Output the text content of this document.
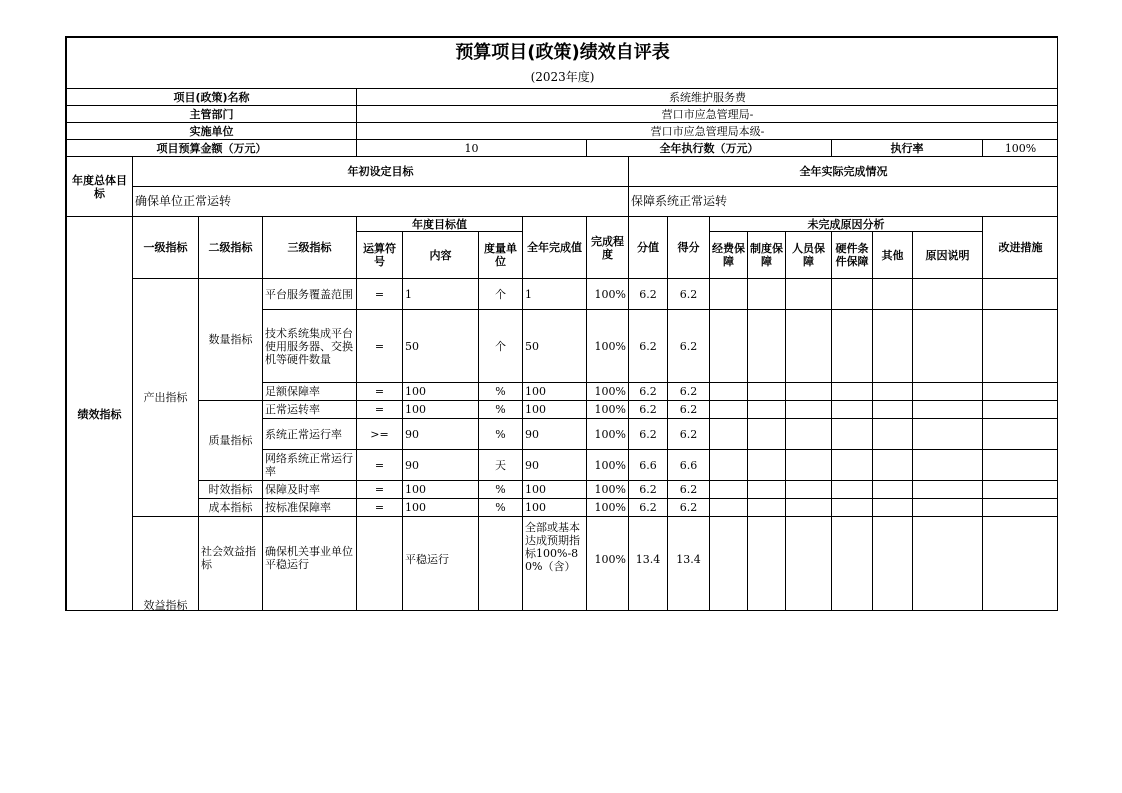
预算项目(政策)绩效自评表																	
(2023年度)																	
项目(政策)名称				系统维护服务费													
主管部门				营口市应急管理局-													
实施单位				营口市应急管理局本级-													
项目预算金额（万元）				10				全年执行数（万元）						执行率			100%
年度总体目标	年初设定目标								全年实际完成情况								
	确保单位正常运转								保障系统正常运转								
绩效指标	一级指标	二级指标	三级指标	年度目标值			全年完成值	完成程度	分值	得分	未完成原因分析						改进措施
				运算符号	内容	度量单位					经费保障	制度保障	人员保障	硬件条件保障	其他	原因说明	
	产出指标	数量指标	平台服务覆盖范围	=	1	个	1	100%	6.2	6.2							
			技术系统集成平台使用服务器、交换机等硬件数量	=	50	个	50	100%	6.2	6.2							
			足额保障率	=	100	%	100	100%	6.2	6.2							
		质量指标	正常运转率	=	100	%	100	100%	6.2	6.2							
			系统正常运行率	>=	90	%	90	100%	6.2	6.2							
			网络系统正常运行率	=	90	天	90	100%	6.6	6.6							
		时效指标	保障及时率	=	100	%	100	100%	6.2	6.2							
		成本指标	按标准保障率	=	100	%	100	100%	6.2	6.2							
	效益指标	社会效益指标	确保机关事业单位平稳运行		平稳运行		全部或基本达成预期指标100%-80%（含）	100%	13.4	13.4							
